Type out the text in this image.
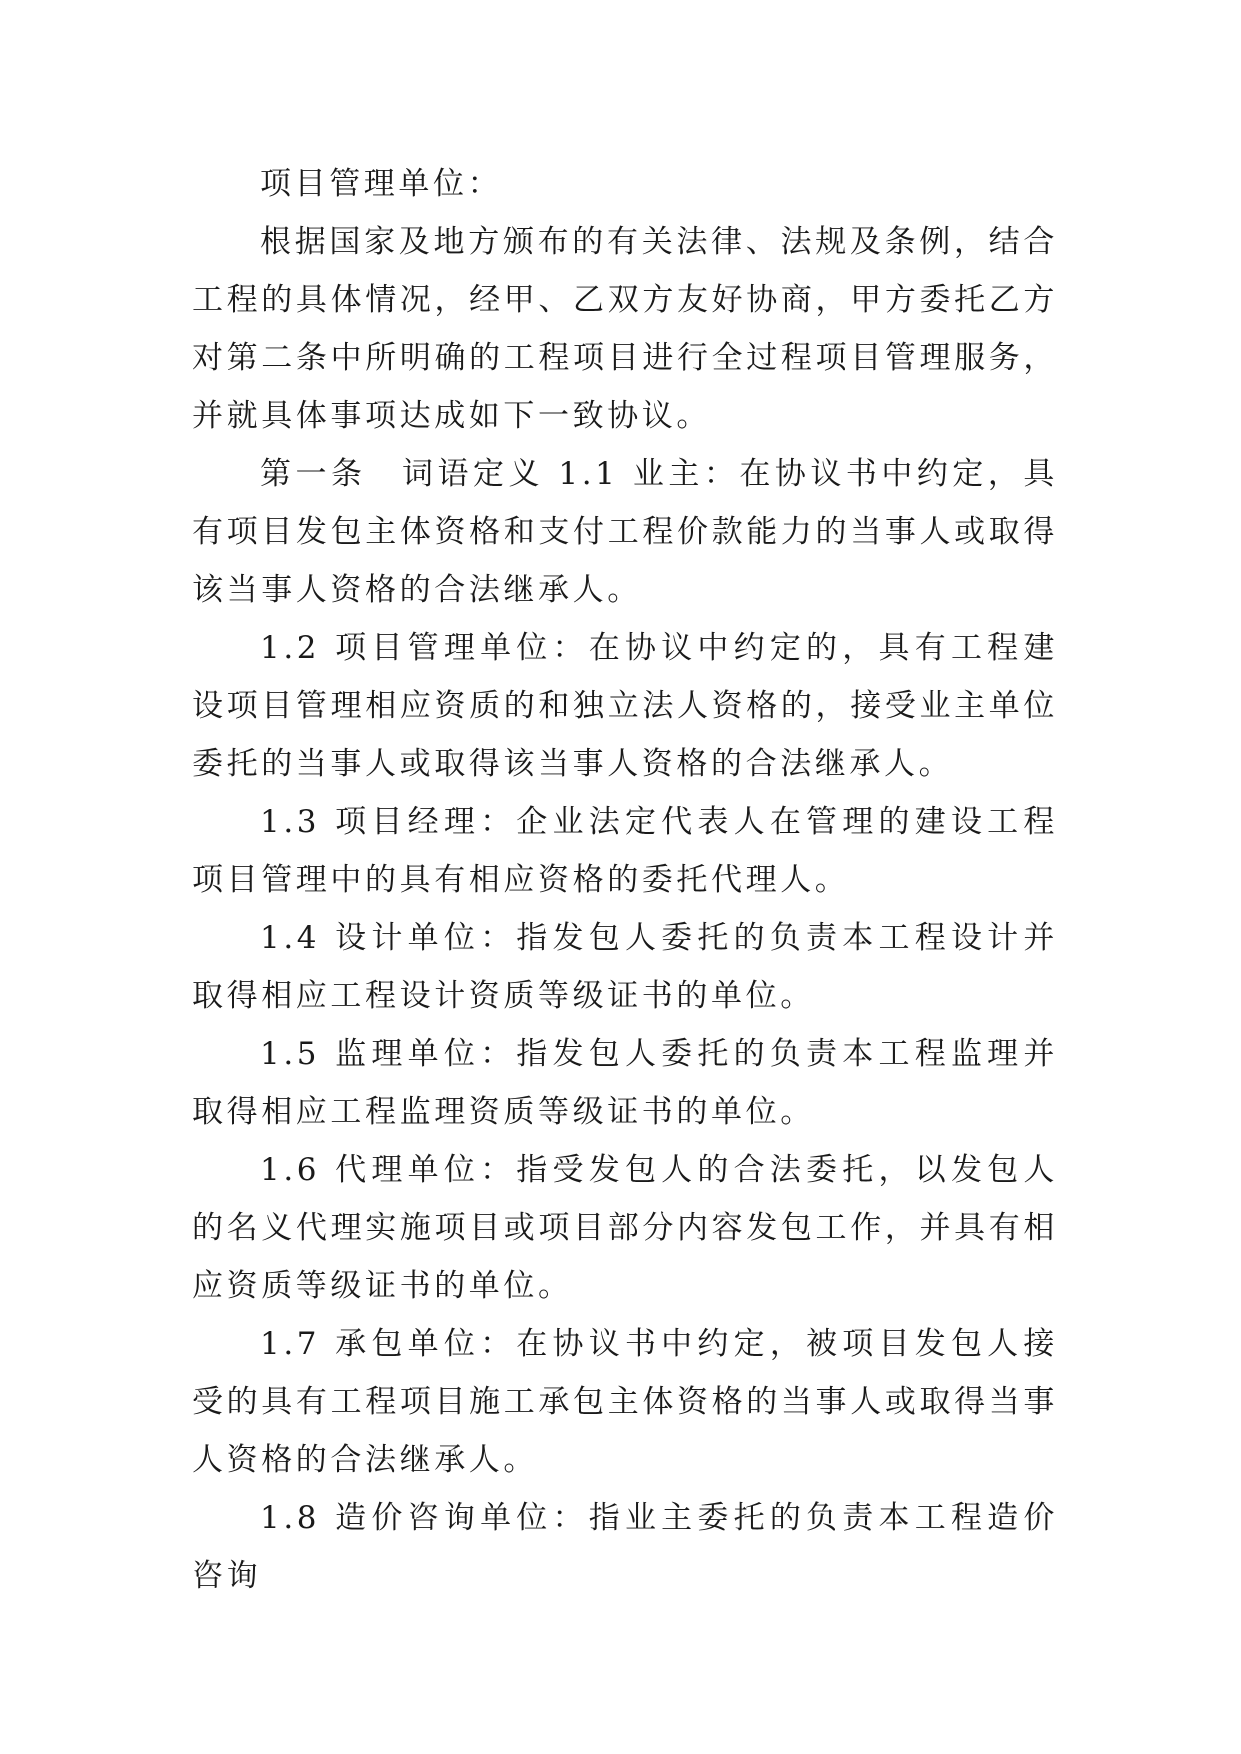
项目管理单位：

根据国家及地方颁布的有关法律、法规及条例，结合工程的具体情况，经甲、乙双方友好协商，甲方委托乙方对第二条中所明确的工程项目进行全过程项目管理服务，并就具体事项达成如下一致协议。

第一条　词语定义 1.1 业主：在协议书中约定，具有项目发包主体资格和支付工程价款能力的当事人或取得该当事人资格的合法继承人。

1.2 项目管理单位：在协议中约定的，具有工程建设项目管理相应资质的和独立法人资格的，接受业主单位委托的当事人或取得该当事人资格的合法继承人。

1.3 项目经理：企业法定代表人在管理的建设工程项目管理中的具有相应资格的委托代理人。

1.4 设计单位：指发包人委托的负责本工程设计并取得相应工程设计资质等级证书的单位。

1.5 监理单位：指发包人委托的负责本工程监理并取得相应工程监理资质等级证书的单位。

1.6 代理单位：指受发包人的合法委托，以发包人的名义代理实施项目或项目部分内容发包工作，并具有相应资质等级证书的单位。

1.7 承包单位：在协议书中约定，被项目发包人接受的具有工程项目施工承包主体资格的当事人或取得当事人资格的合法继承人。

1.8 造价咨询单位：指业主委托的负责本工程造价咨询
